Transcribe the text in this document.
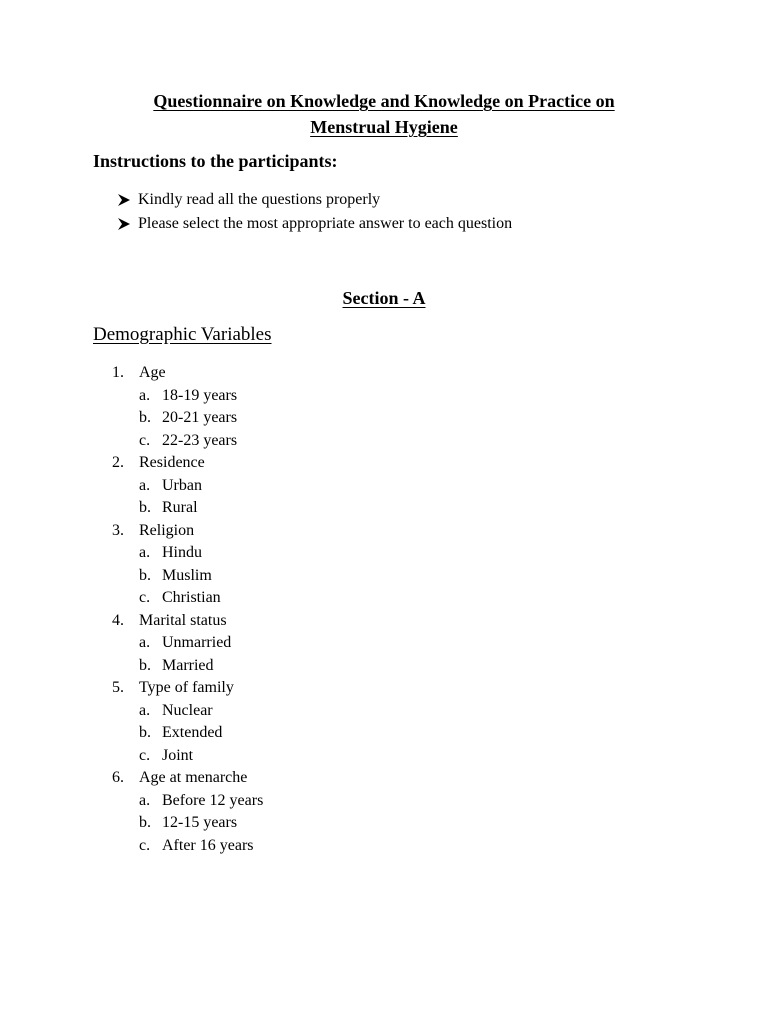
Questionnaire on Knowledge and Knowledge on Practice on
Menstrual Hygiene
Instructions to the participants:
Kindly read all the questions properly
Please select the most appropriate answer to each question
Section - A
Demographic Variables
1. Age
a. 18-19 years
b. 20-21 years
c. 22-23 years
2. Residence
a. Urban
b. Rural
3. Religion
a. Hindu
b. Muslim
c. Christian
4. Marital status
a. Unmarried
b. Married
5. Type of family
a. Nuclear
b. Extended
c. Joint
6. Age at menarche
a. Before 12 years
b. 12-15 years
c. After 16 years
